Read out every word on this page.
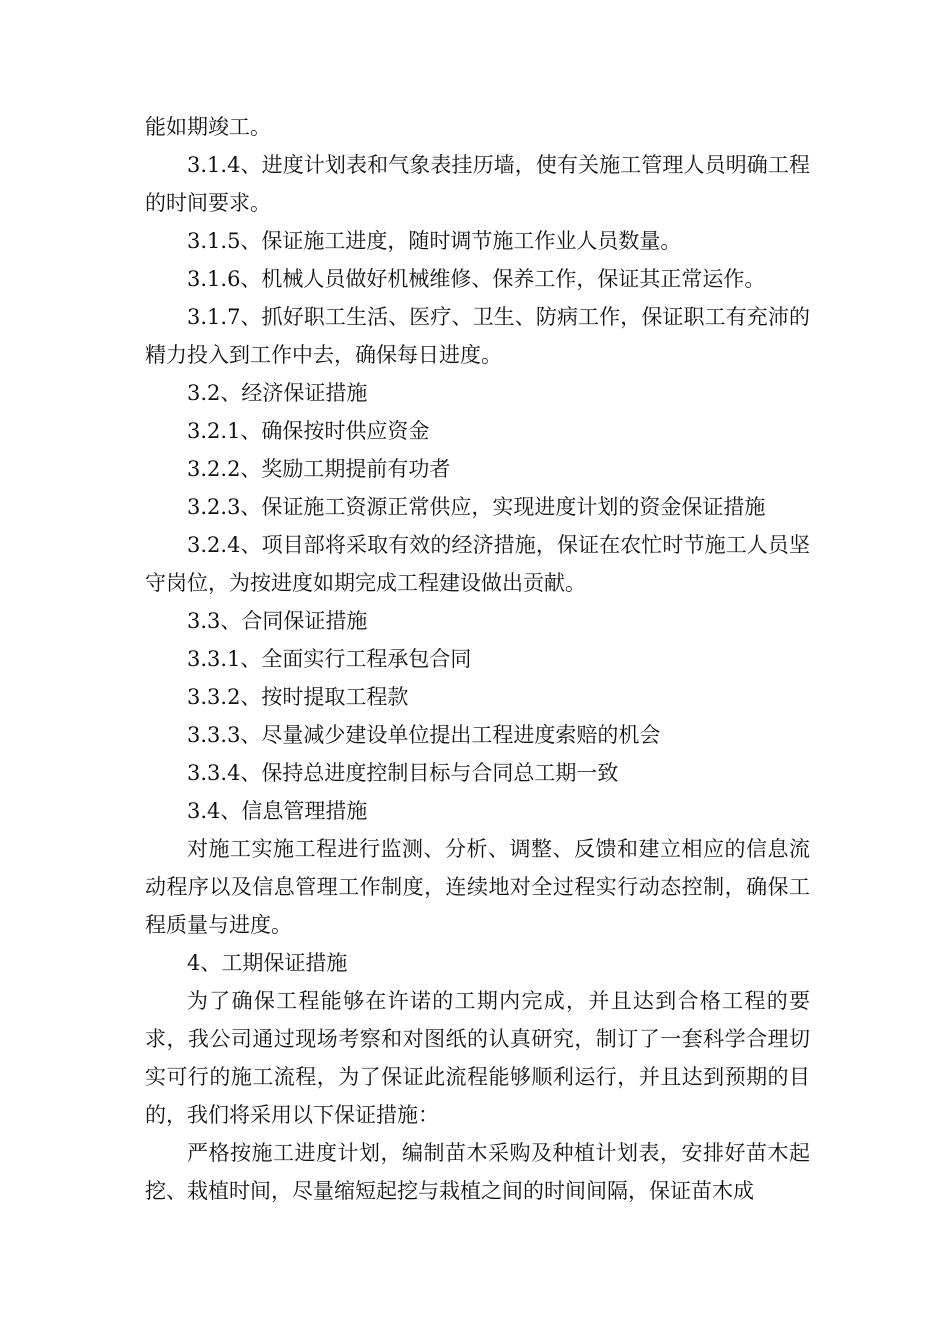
能如期竣工。

3.1.4、进度计划表和气象表挂历墙，使有关施工管理人员明确工程的时间要求。

3.1.5、保证施工进度，随时调节施工作业人员数量。

3.1.6、机械人员做好机械维修、保养工作，保证其正常运作。

3.1.7、抓好职工生活、医疗、卫生、防病工作，保证职工有充沛的精力投入到工作中去，确保每日进度。

3.2、经济保证措施

3.2.1、确保按时供应资金

3.2.2、奖励工期提前有功者

3.2.3、保证施工资源正常供应，实现进度计划的资金保证措施

3.2.4、项目部将采取有效的经济措施，保证在农忙时节施工人员坚守岗位，为按进度如期完成工程建设做出贡献。

3.3、合同保证措施

3.3.1、全面实行工程承包合同

3.3.2、按时提取工程款

3.3.3、尽量减少建设单位提出工程进度索赔的机会

3.3.4、保持总进度控制目标与合同总工期一致

3.4、信息管理措施

对施工实施工程进行监测、分析、调整、反馈和建立相应的信息流动程序以及信息管理工作制度，连续地对全过程实行动态控制，确保工程质量与进度。

4、工期保证措施

为了确保工程能够在许诺的工期内完成，并且达到合格工程的要求，我公司通过现场考察和对图纸的认真研究，制订了一套科学合理切实可行的施工流程，为了保证此流程能够顺利运行，并且达到预期的目的，我们将采用以下保证措施：

严格按施工进度计划，编制苗木采购及种植计划表，安排好苗木起挖、栽植时间，尽量缩短起挖与栽植之间的时间间隔，保证苗木成
